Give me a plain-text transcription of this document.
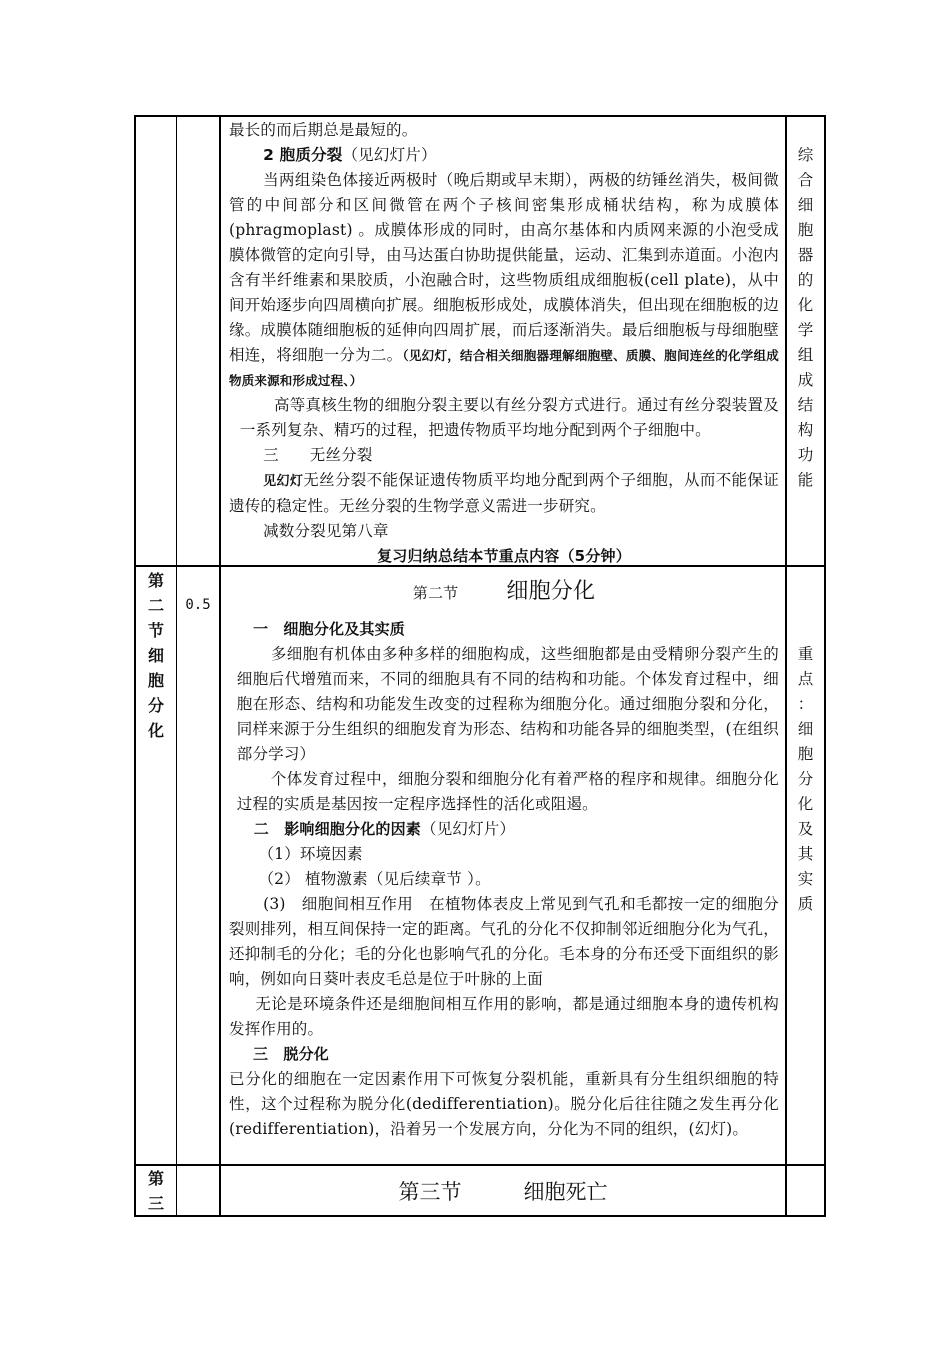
最长的而后期总是最短的。

2 胞质分裂（见幻灯片）

当两组染色体接近两极时（晚后期或早末期），两极的纺锤丝消失，极间微管的中间部分和区间微管在两个子核间密集形成桶状结构，称为成膜体(phragmoplast) 。成膜体形成的同时，由高尔基体和内质网来源的小泡受成膜体微管的定向引导，由马达蛋白协助提供能量，运动、汇集到赤道面。小泡内含有半纤维素和果胶质，小泡融合时，这些物质组成细胞板(cell plate)，从中间开始逐步向四周横向扩展。细胞板形成处，成膜体消失，但出现在细胞板的边缘。成膜体随细胞板的延伸向四周扩展，而后逐渐消失。最后细胞板与母细胞壁相连，将细胞一分为二。（见幻灯，结合相关细胞器理解细胞壁、质膜、胞间连丝的化学组成物质来源和形成过程、）

高等真核生物的细胞分裂主要以有丝分裂方式进行。通过有丝分裂装置及一系列复杂、精巧的过程，把遗传物质平均地分配到两个子细胞中。

三 无丝分裂

见幻灯无丝分裂不能保证遗传物质平均地分配到两个子细胞，从而不能保证遗传的稳定性。无丝分裂的生物学意义需进一步研究。

减数分裂见第八章

复习归纳总结本节重点内容（5分钟）

综
合
细
胞
器
的
化
学
组
成
结
构
功
能
第
二
节
细
胞
分
化
0.5

第二节 细胞分化

一　细胞分化及其实质

多细胞有机体由多种多样的细胞构成，这些细胞都是由受精卵分裂产生的细胞后代增殖而来，不同的细胞具有不同的结构和功能。个体发育过程中，细胞在形态、结构和功能发生改变的过程称为细胞分化。通过细胞分裂和分化，同样来源于分生组织的细胞发育为形态、结构和功能各异的细胞类型，(在组织部分学习）

个体发育过程中，细胞分裂和细胞分化有着严格的程序和规律。细胞分化过程的实质是基因按一定程序选择性的活化或阻遏。

二　影响细胞分化的因素（见幻灯片）

（1）环境因素

（2） 植物激素（见后续章节 ）。

(3)　细胞间相互作用　在植物体表皮上常见到气孔和毛都按一定的细胞分裂则排列，相互间保持一定的距离。气孔的分化不仅抑制邻近细胞分化为气孔，还抑制毛的分化；毛的分化也影响气孔的分化。毛本身的分布还受下面组织的影响，例如向日葵叶表皮毛总是位于叶脉的上面

无论是环境条件还是细胞间相互作用的影响，都是通过细胞本身的遗传机构发挥作用的。

三　脱分化

已分化的细胞在一定因素作用下可恢复分裂机能，重新具有分生组织细胞的特性，这个过程称为脱分化(dedifferentiation)。脱分化后往往随之发生再分化(redifferentiation)，沿着另一个发展方向，分化为不同的组织，(幻灯)。

重
点
：
细
胞
分
化
及
其
实
质
第
三	第三节	细胞死亡
